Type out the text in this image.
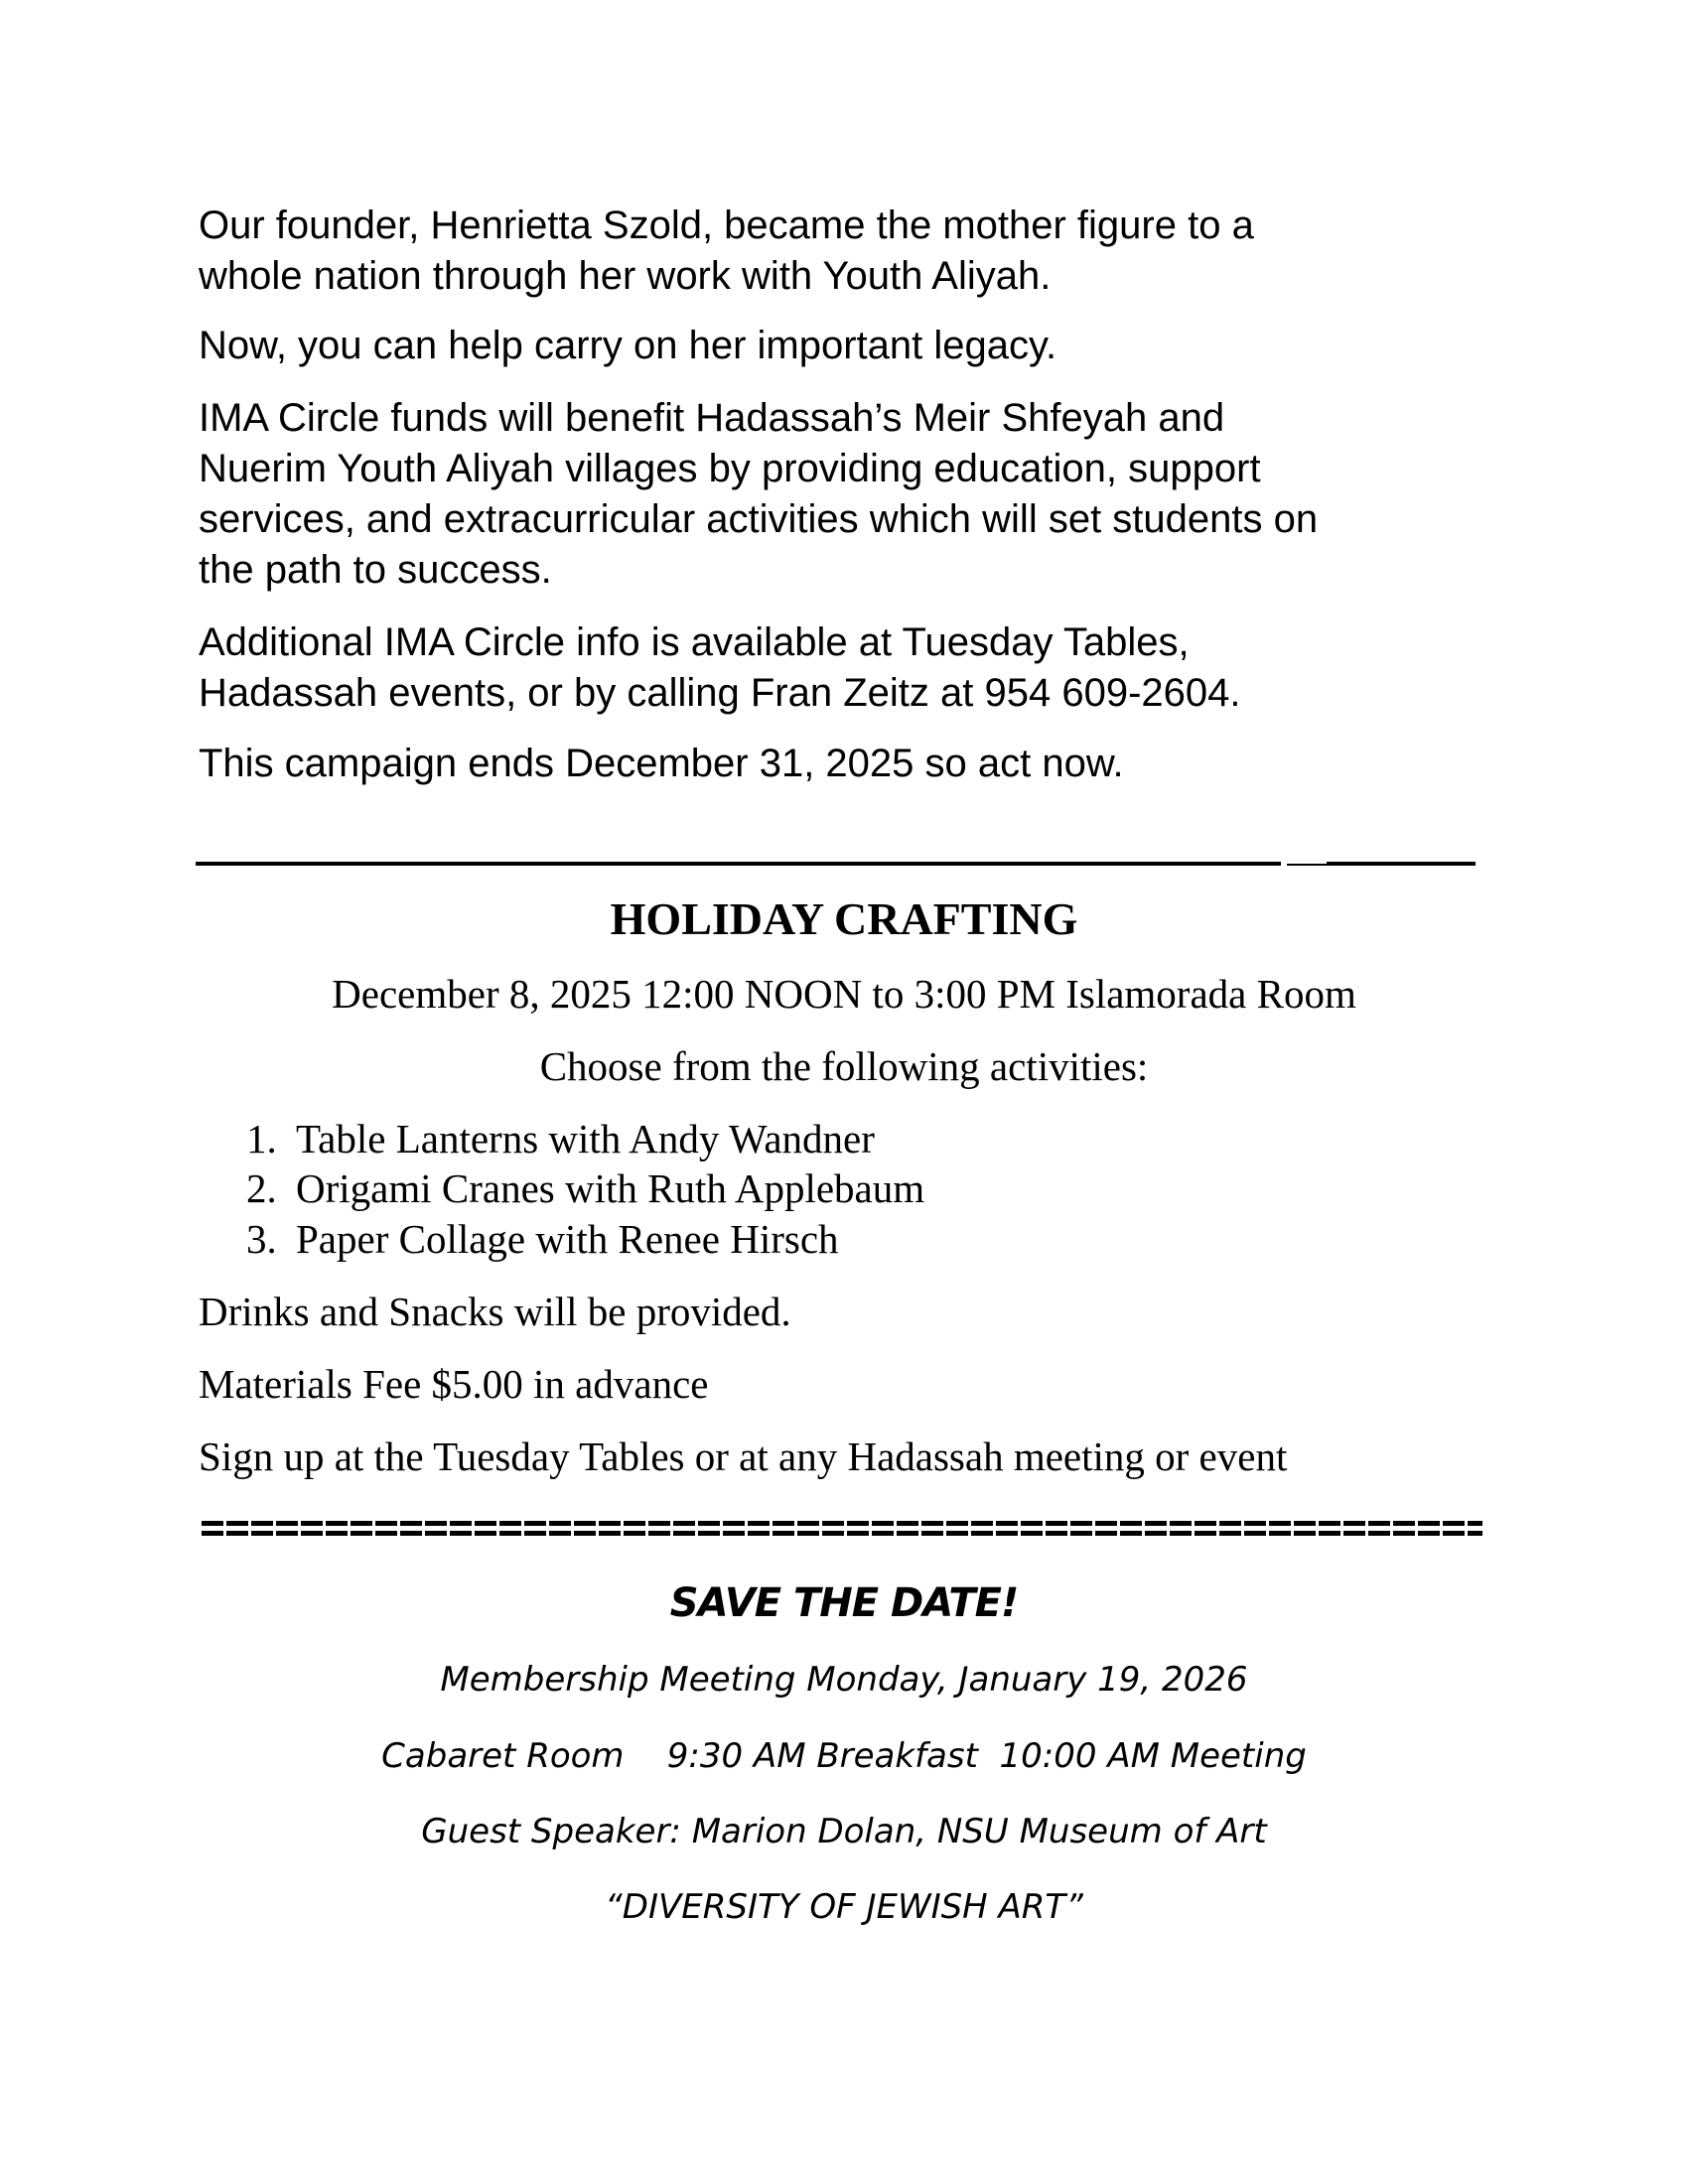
Our founder, Henrietta Szold, became the mother figure to a
whole nation through her work with Youth Aliyah.

Now, you can help carry on her important legacy.

IMA Circle funds will benefit Hadassah’s Meir Shfeyah and
Nuerim Youth Aliyah villages by providing education, support
services, and extracurricular activities which will set students on
the path to success.

Additional IMA Circle info is available at Tuesday Tables,
Hadassah events, or by calling Fran Zeitz at 954 609-2604.

This campaign ends December 31, 2025 so act now.

HOLIDAY CRAFTING

December 8, 2025 12:00 NOON to 3:00 PM Islamorada Room

Choose from the following activities:

1. Table Lanterns with Andy Wandner
2. Origami Cranes with Ruth Applebaum
3. Paper Collage with Renee Hirsch

Drinks and Snacks will be provided.

Materials Fee $5.00 in advance

Sign up at the Tuesday Tables or at any Hadassah meeting or event

SAVE THE DATE!

Membership Meeting Monday, January 19, 2026

Cabaret Room    9:30 AM Breakfast  10:00 AM Meeting

Guest Speaker: Marion Dolan, NSU Museum of Art

“DIVERSITY OF JEWISH ART”
